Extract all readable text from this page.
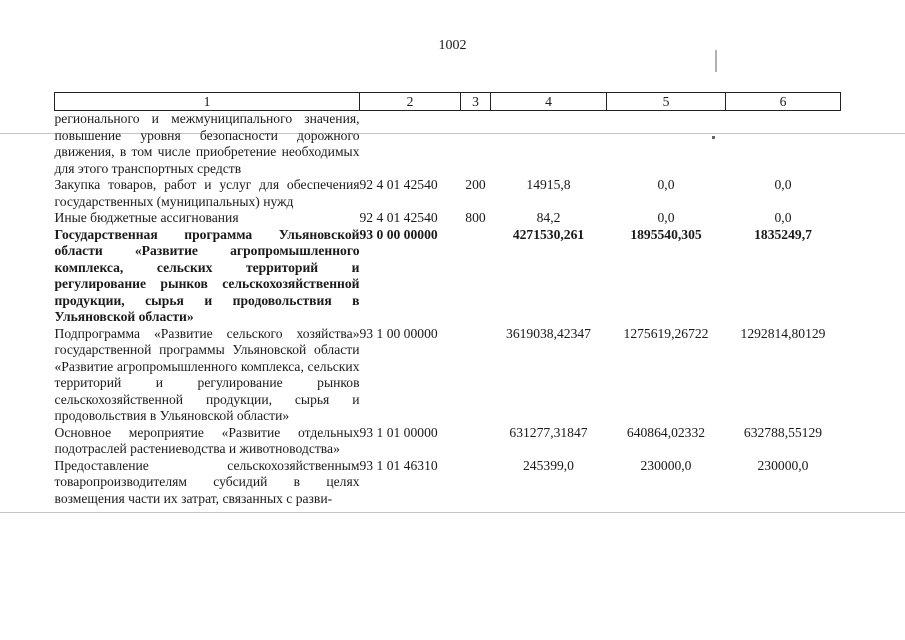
1002
1	2	3	4	5	6
регионального и межмуниципального значения, повышение уровня безопасности дорожного движения, в том числе приобретение необходимых для этого транспортных средств					
Закупка товаров, работ и услуг для обеспечения государственных (муниципальных) нужд	92 4 01 42540	200	14915,8	0,0	0,0
Иные бюджетные ассигнования	92 4 01 42540	800	84,2	0,0	0,0
Государственная программа Ульяновской области «Развитие агропромышленного комплекса, сельских территорий и регулирование рынков сельскохозяйственной продукции, сырья и продовольствия в Ульяновской области»	93 0 00 00000		4271530,261	1895540,305	1835249,7
Подпрограмма «Развитие сельского хозяйства» государственной программы Ульяновской области «Развитие агропромышленного комплекса, сельских территорий и регулирование рынков сельскохозяйственной продукции, сырья и продовольствия в Ульяновской области»	93 1 00 00000		3619038,42347	1275619,26722	1292814,80129
Основное мероприятие «Развитие отдельных подотраслей растениеводства и животноводства»	93 1 01 00000		631277,31847	640864,02332	632788,55129
Предоставление сельскохозяйственным товаропроизводителям субсидий в целях возмещения части их затрат, связанных с разви-	93 1 01 46310		245399,0	230000,0	230000,0
